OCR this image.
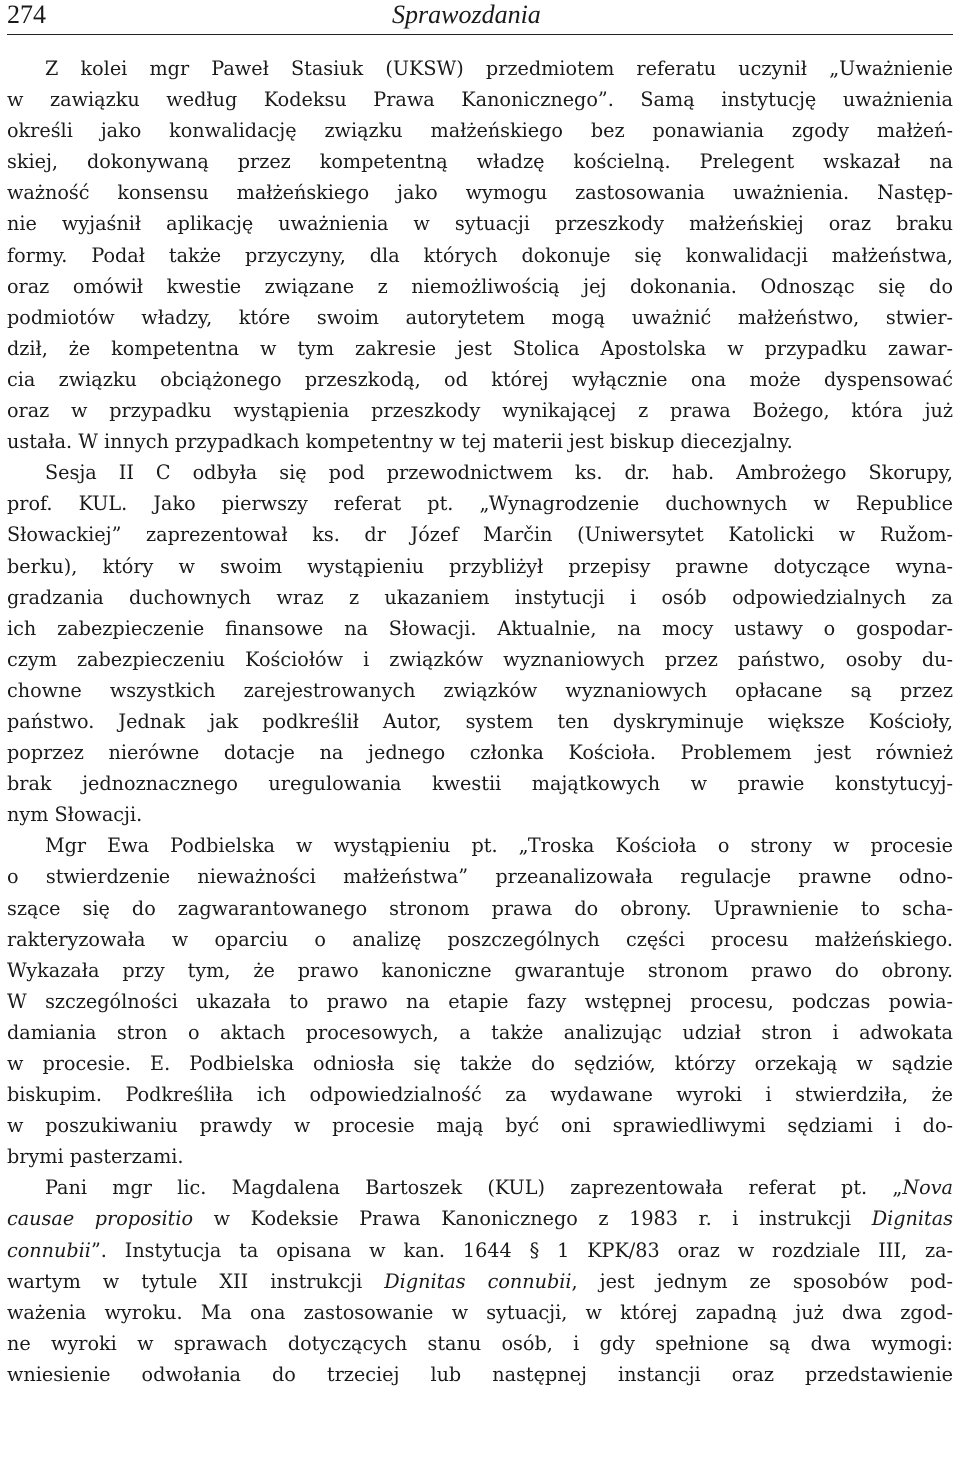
274	Sprawozdania
Z kolei mgr Paweł Stasiuk (UKSW) przedmiotem referatu uczynił „Uważnienie
w zawiązku według Kodeksu Prawa Kanonicznego”. Samą instytucję uważnienia
określi jako konwalidację związku małżeńskiego bez ponawiania zgody małżeń-
skiej, dokonywaną przez kompetentną władzę kościelną. Prelegent wskazał na
ważność konsensu małżeńskiego jako wymogu zastosowania uważnienia. Następ-
nie wyjaśnił aplikację uważnienia w sytuacji przeszkody małżeńskiej oraz braku
formy. Podał także przyczyny, dla których dokonuje się konwalidacji małżeństwa,
oraz omówił kwestie związane z niemożliwością jej dokonania. Odnosząc się do
podmiotów władzy, które swoim autorytetem mogą uważnić małżeństwo, stwier-
dził, że kompetentna w tym zakresie jest Stolica Apostolska w przypadku zawar-
cia związku obciążonego przeszkodą, od której wyłącznie ona może dyspensować
oraz w przypadku wystąpienia przeszkody wynikającej z prawa Bożego, która już
ustała. W innych przypadkach kompetentny w tej materii jest biskup diecezjalny.
Sesja II C odbyła się pod przewodnictwem ks. dr. hab. Ambrożego Skorupy,
prof. KUL. Jako pierwszy referat pt. „Wynagrodzenie duchownych w Republice
Słowackiej” zaprezentował ks. dr Józef Marčin (Uniwersytet Katolicki w Ružom-
berku), który w swoim wystąpieniu przybliżył przepisy prawne dotyczące wyna-
gradzania duchownych wraz z ukazaniem instytucji i osób odpowiedzialnych za
ich zabezpieczenie finansowe na Słowacji. Aktualnie, na mocy ustawy o gospodar-
czym zabezpieczeniu Kościołów i związków wyznaniowych przez państwo, osoby du-
chowne wszystkich zarejestrowanych związków wyznaniowych opłacane są przez
państwo. Jednak jak podkreślił Autor, system ten dyskryminuje większe Kościoły,
poprzez nierówne dotacje na jednego członka Kościoła. Problemem jest również
brak jednoznacznego uregulowania kwestii majątkowych w prawie konstytucyj-
nym Słowacji.
Mgr Ewa Podbielska w wystąpieniu pt. „Troska Kościoła o strony w procesie
o stwierdzenie nieważności małżeństwa” przeanalizowała regulacje prawne odno-
szące się do zagwarantowanego stronom prawa do obrony. Uprawnienie to scha-
rakteryzowała w oparciu o analizę poszczególnych części procesu małżeńskiego.
Wykazała przy tym, że prawo kanoniczne gwarantuje stronom prawo do obrony.
W szczególności ukazała to prawo na etapie fazy wstępnej procesu, podczas powia-
damiania stron o aktach procesowych, a także analizując udział stron i adwokata
w procesie. E. Podbielska odniosła się także do sędziów, którzy orzekają w sądzie
biskupim. Podkreśliła ich odpowiedzialność za wydawane wyroki i stwierdziła, że
w poszukiwaniu prawdy w procesie mają być oni sprawiedliwymi sędziami i do-
brymi pasterzami.
Pani mgr lic. Magdalena Bartoszek (KUL) zaprezentowała referat pt. „Nova
causae propositio w Kodeksie Prawa Kanonicznego z 1983 r. i instrukcji Dignitas
connubii”. Instytucja ta opisana w kan. 1644 § 1 KPK/83 oraz w rozdziale III, za-
wartym w tytule XII instrukcji Dignitas connubii, jest jednym ze sposobów pod-
ważenia wyroku. Ma ona zastosowanie w sytuacji, w której zapadną już dwa zgod-
ne wyroki w sprawach dotyczących stanu osób, i gdy spełnione są dwa wymogi:
wniesienie odwołania do trzeciej lub następnej instancji oraz przedstawienie
